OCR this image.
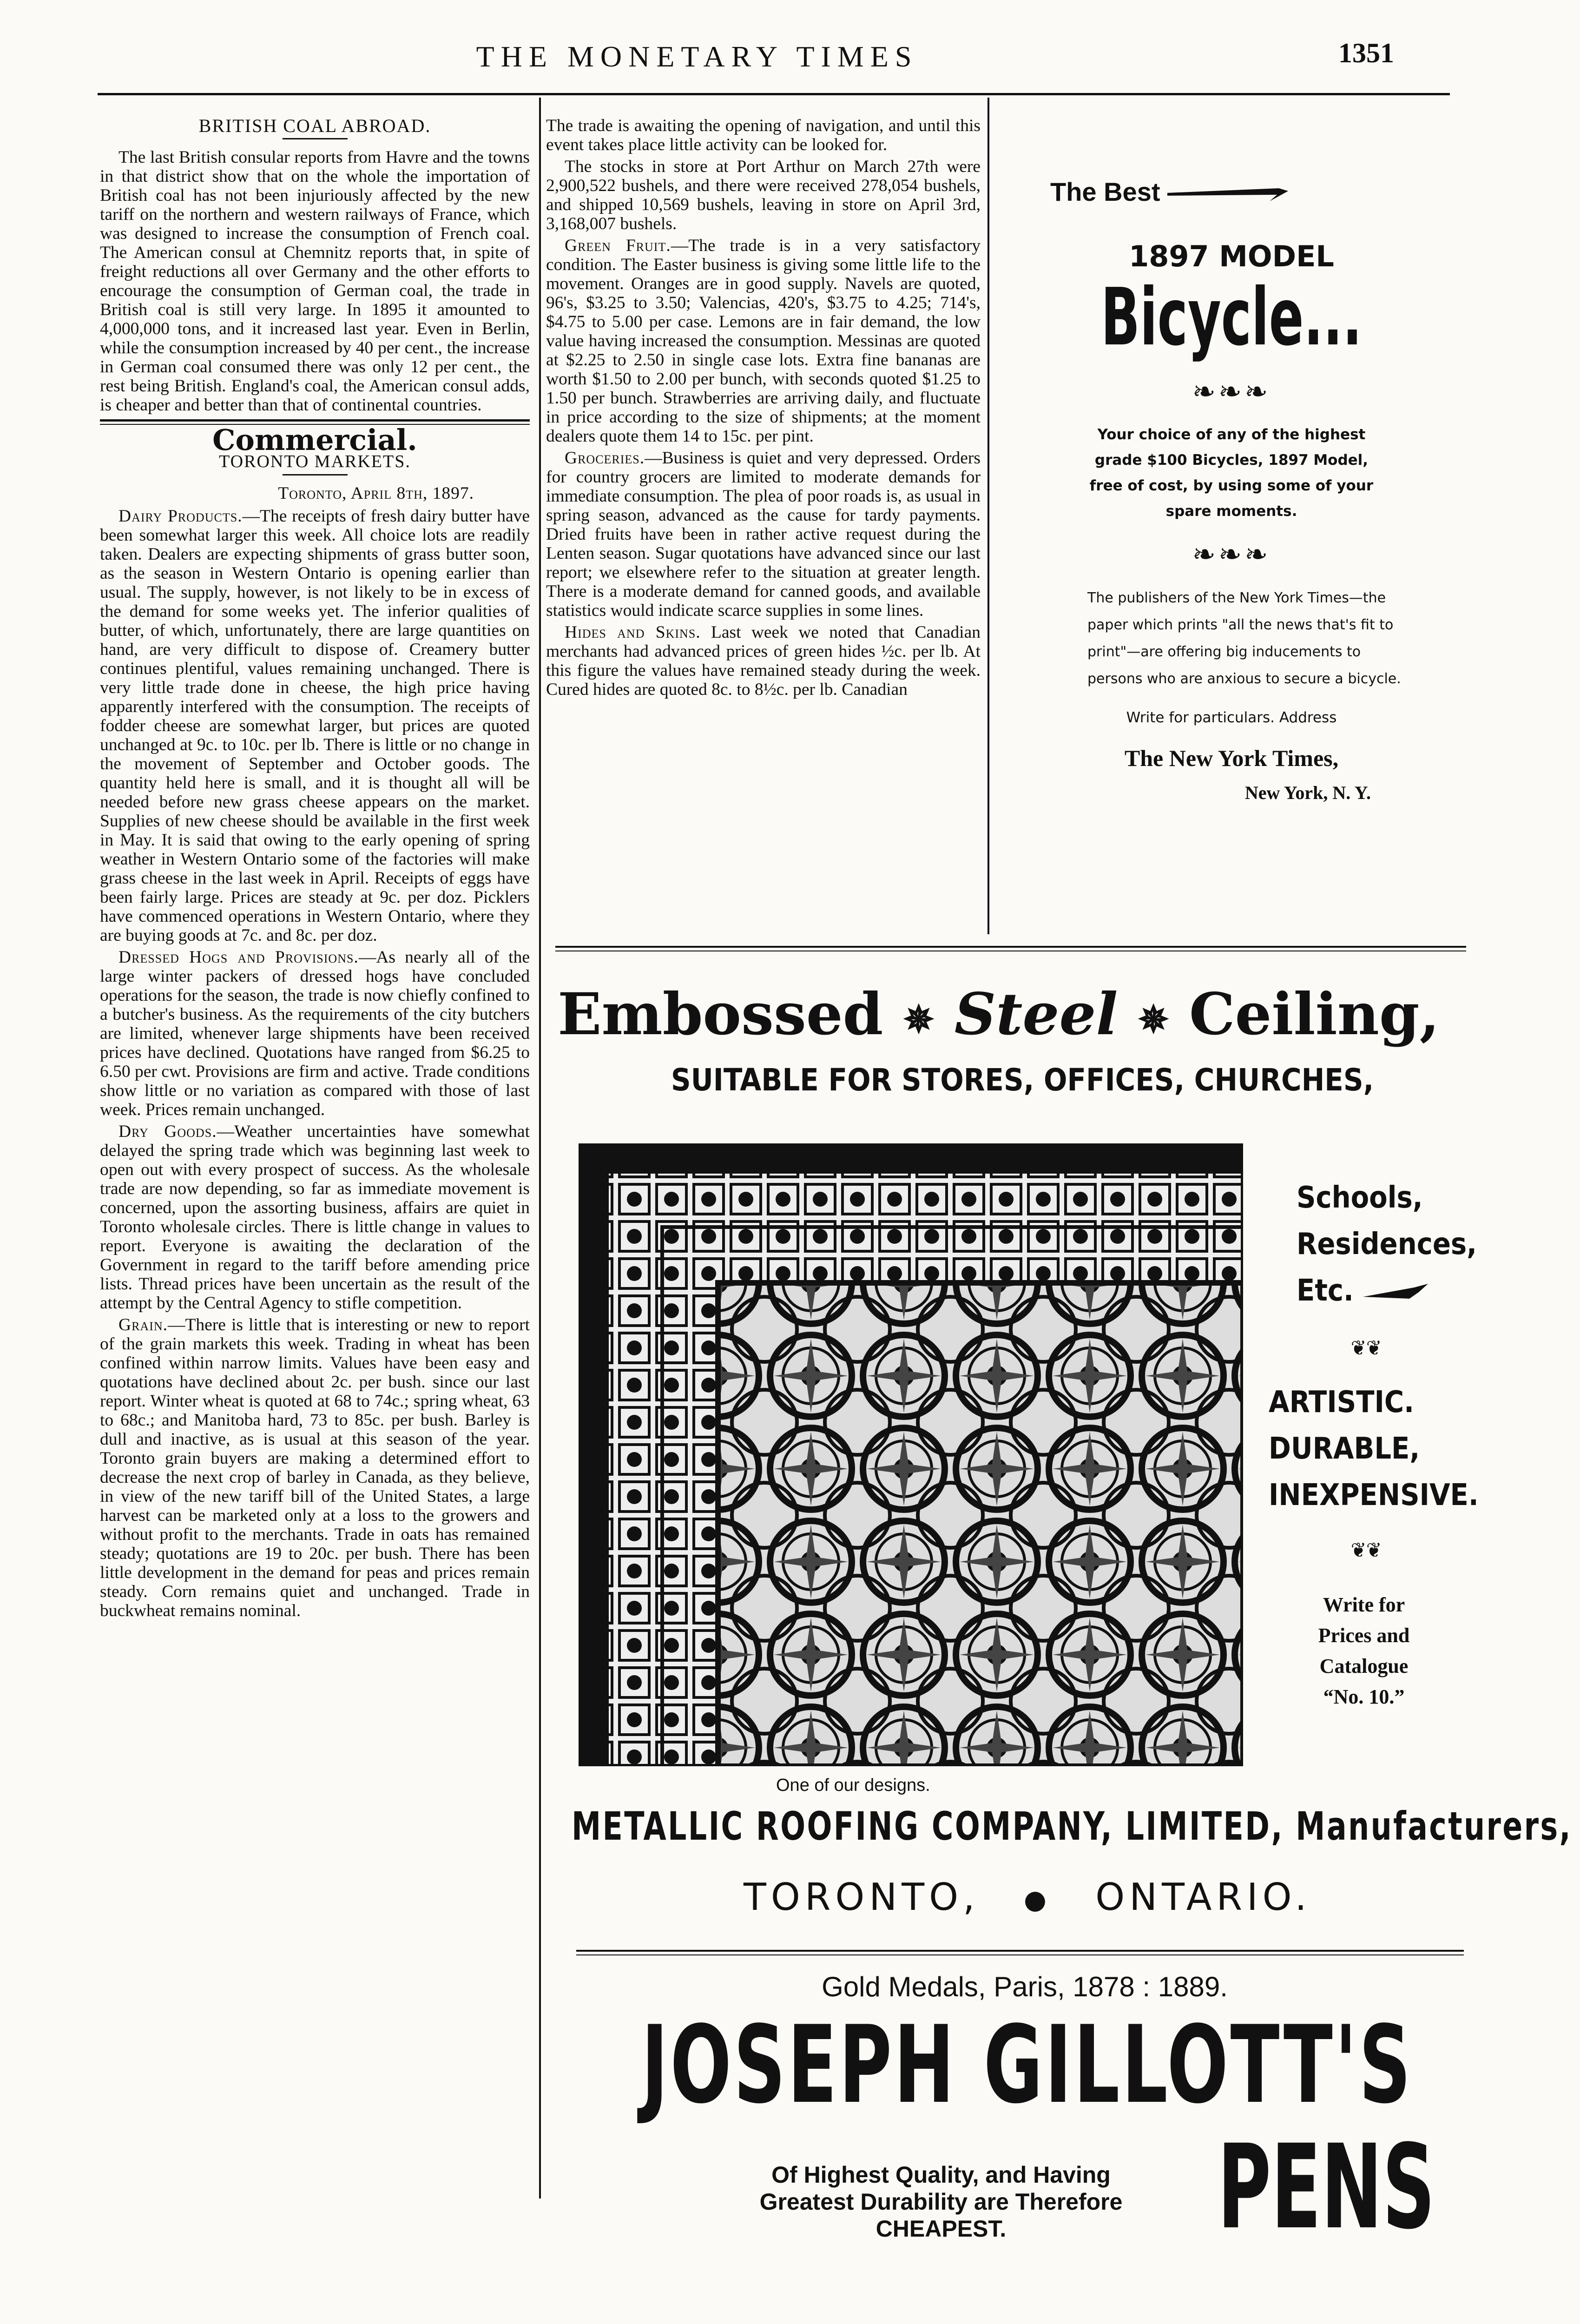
THE MONETARY TIMES	1351
BRITISH COAL ABROAD.

The last British consular reports from Havre and the towns in that district show that on the whole the importation of British coal has not been injuriously affected by the new tariff on the northern and western railways of France, which was designed to increase the consumption of French coal. The American consul at Chemnitz reports that, in spite of freight reductions all over Germany and the other efforts to encourage the consumption of German coal, the trade in British coal is still very large. In 1895 it amounted to 4,000,000 tons, and it increased last year. Even in Berlin, while the consumption increased by 40 per cent., the increase in German coal consumed there was only 12 per cent., the rest being British. England's coal, the American consul adds, is cheaper and better than that of continental countries.

Commercial.
TORONTO MARKETS.
Toronto, April 8th, 1897.

Dairy Products.—The receipts of fresh dairy butter have been somewhat larger this week. All choice lots are readily taken. Dealers are expecting shipments of grass butter soon, as the season in Western Ontario is opening earlier than usual. The supply, however, is not likely to be in excess of the demand for some weeks yet. The inferior qualities of butter, of which, unfortunately, there are large quantities on hand, are very difficult to dispose of. Creamery butter continues plentiful, values remaining unchanged. There is very little trade done in cheese, the high price having apparently interfered with the consumption. The receipts of fodder cheese are somewhat larger, but prices are quoted unchanged at 9c. to 10c. per lb. There is little or no change in the movement of September and October goods. The quantity held here is small, and it is thought all will be needed before new grass cheese appears on the market. Supplies of new cheese should be available in the first week in May. It is said that owing to the early opening of spring weather in Western Ontario some of the factories will make grass cheese in the last week in April. Receipts of eggs have been fairly large. Prices are steady at 9c. per doz. Picklers have commenced operations in Western Ontario, where they are buying goods at 7c. and 8c. per doz.

Dressed Hogs and Provisions.—As nearly all of the large winter packers of dressed hogs have concluded operations for the season, the trade is now chiefly confined to a butcher's business. As the requirements of the city butchers are limited, whenever large shipments have been received prices have declined. Quotations have ranged from $6.25 to 6.50 per cwt. Provisions are firm and active. Trade conditions show little or no variation as compared with those of last week. Prices remain unchanged.

Dry Goods.—Weather uncertainties have somewhat delayed the spring trade which was beginning last week to open out with every prospect of success. As the wholesale trade are now depending, so far as immediate movement is concerned, upon the assorting business, affairs are quiet in Toronto wholesale circles. There is little change in values to report. Everyone is awaiting the declaration of the Government in regard to the tariff before amending price lists. Thread prices have been uncertain as the result of the attempt by the Central Agency to stifle competition.

Grain.—There is little that is interesting or new to report of the grain markets this week. Trading in wheat has been confined within narrow limits. Values have been easy and quotations have declined about 2c. per bush. since our last report. Winter wheat is quoted at 68 to 74c.; spring wheat, 63 to 68c.; and Manitoba hard, 73 to 85c. per bush. Barley is dull and inactive, as is usual at this season of the year. Toronto grain buyers are making a determined effort to decrease the next crop of barley in Canada, as they believe, in view of the new tariff bill of the United States, a large harvest can be marketed only at a loss to the growers and without profit to the merchants. Trade in oats has remained steady; quotations are 19 to 20c. per bush. There has been little development in the demand for peas and prices remain steady. Corn remains quiet and unchanged. Trade in buckwheat remains nominal.

The trade is awaiting the opening of navigation, and until this event takes place little activity can be looked for.

The stocks in store at Port Arthur on March 27th were 2,900,522 bushels, and there were received 278,054 bushels, and shipped 10,569 bushels, leaving in store on April 3rd, 3,168,007 bushels.

Green Fruit.—The trade is in a very satisfactory condition. The Easter business is giving some little life to the movement. Oranges are in good supply. Navels are quoted, 96's, $3.25 to 3.50; Valencias, 420's, $3.75 to 4.25; 714's, $4.75 to 5.00 per case. Lemons are in fair demand, the low value having increased the consumption. Messinas are quoted at $2.25 to 2.50 in single case lots. Extra fine bananas are worth $1.50 to 2.00 per bunch, with seconds quoted $1.25 to 1.50 per bunch. Strawberries are arriving daily, and fluctuate in price according to the size of shipments; at the moment dealers quote them 14 to 15c. per pint.

Groceries.—Business is quiet and very depressed. Orders for country grocers are limited to moderate demands for immediate consumption. The plea of poor roads is, as usual in spring season, advanced as the cause for tardy payments. Dried fruits have been in rather active request during the Lenten season. Sugar quotations have advanced since our last report; we elsewhere refer to the situation at greater length. There is a moderate demand for canned goods, and available statistics would indicate scarce supplies in some lines.

Hides and Skins. Last week we noted that Canadian merchants had advanced prices of green hides ½c. per lb. At this figure the values have remained steady during the week. Cured hides are quoted 8c. to 8½c. per lb. Canadian

The Best
1897 MODEL
Bicycle...
❧❧❧
Your choice of any of the highest grade $100 Bicycles, 1897 Model, free of cost, by using some of your spare moments.
❧❧❧
The publishers of the New York Times—the paper which prints "all the news that's fit to print"—are offering big inducements to persons who are anxious to secure a bicycle.
Write for particulars. Address
The New York Times,
New York, N. Y.
Embossed ✵ Steel ✵ Ceiling,
SUITABLE FOR STORES, OFFICES, CHURCHES,
Schools,
Residences,
Etc.
❦❦
ARTISTIC.
DURABLE,
INEXPENSIVE.
❦❦
Write for
Prices and
Catalogue
“No. 10.”
One of our designs.
METALLIC ROOFING COMPANY, LIMITED, Manufacturers,
TORONTO, ● ONTARIO.
Gold Medals, Paris, 1878 : 1889.
JOSEPH GILLOTT'S
Of Highest Quality, and Having
Greatest Durability are Therefore
CHEAPEST.	PENS
